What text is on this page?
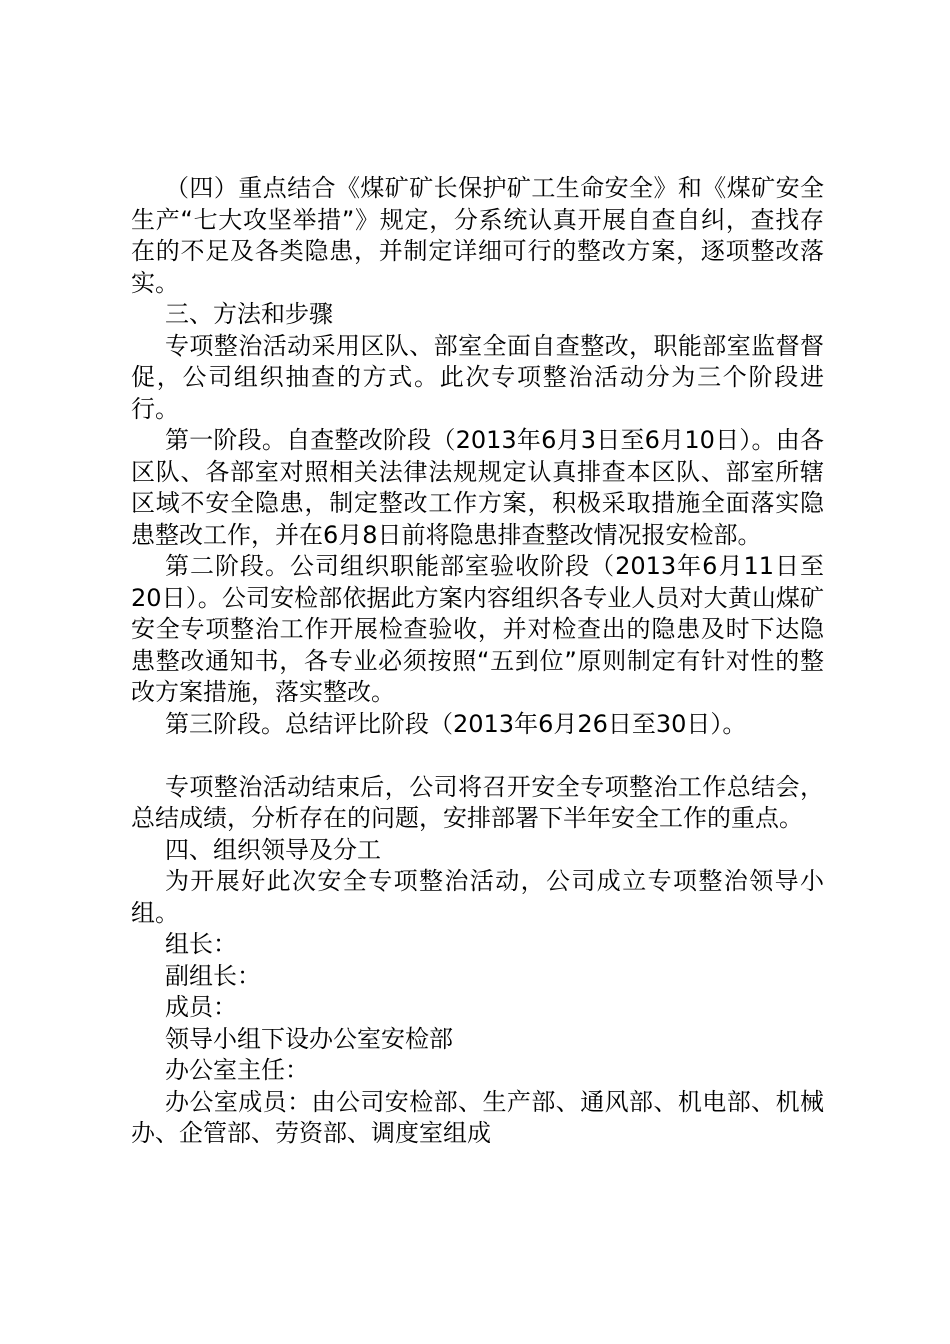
（四）重点结合《煤矿矿长保护矿工生命安全》和《煤矿安全生产“七大攻坚举措”》规定，分系统认真开展自查自纠，查找存在的不足及各类隐患，并制定详细可行的整改方案，逐项整改落实。

三、方法和步骤

专项整治活动采用区队、部室全面自查整改，职能部室监督督促，公司组织抽查的方式。此次专项整治活动分为三个阶段进行。

第一阶段。自查整改阶段（2013年6月3日至6月10日）。由各区队、各部室对照相关法律法规规定认真排查本区队、部室所辖区域不安全隐患，制定整改工作方案，积极采取措施全面落实隐患整改工作，并在6月8日前将隐患排查整改情况报安检部。

第二阶段。公司组织职能部室验收阶段（2013年6月11日至20日）。公司安检部依据此方案内容组织各专业人员对大黄山煤矿安全专项整治工作开展检查验收，并对检查出的隐患及时下达隐患整改通知书，各专业必须按照“五到位”原则制定有针对性的整改方案措施，落实整改。

第三阶段。总结评比阶段（2013年6月26日至30日）。

专项整治活动结束后，公司将召开安全专项整治工作总结会，总结成绩，分析存在的问题，安排部署下半年安全工作的重点。

四、组织领导及分工

为开展好此次安全专项整治活动，公司成立专项整治领导小组。

组长：

副组长：

成员：

领导小组下设办公室安检部

办公室主任：

办公室成员：由公司安检部、生产部、通风部、机电部、机械办、企管部、劳资部、调度室组成
